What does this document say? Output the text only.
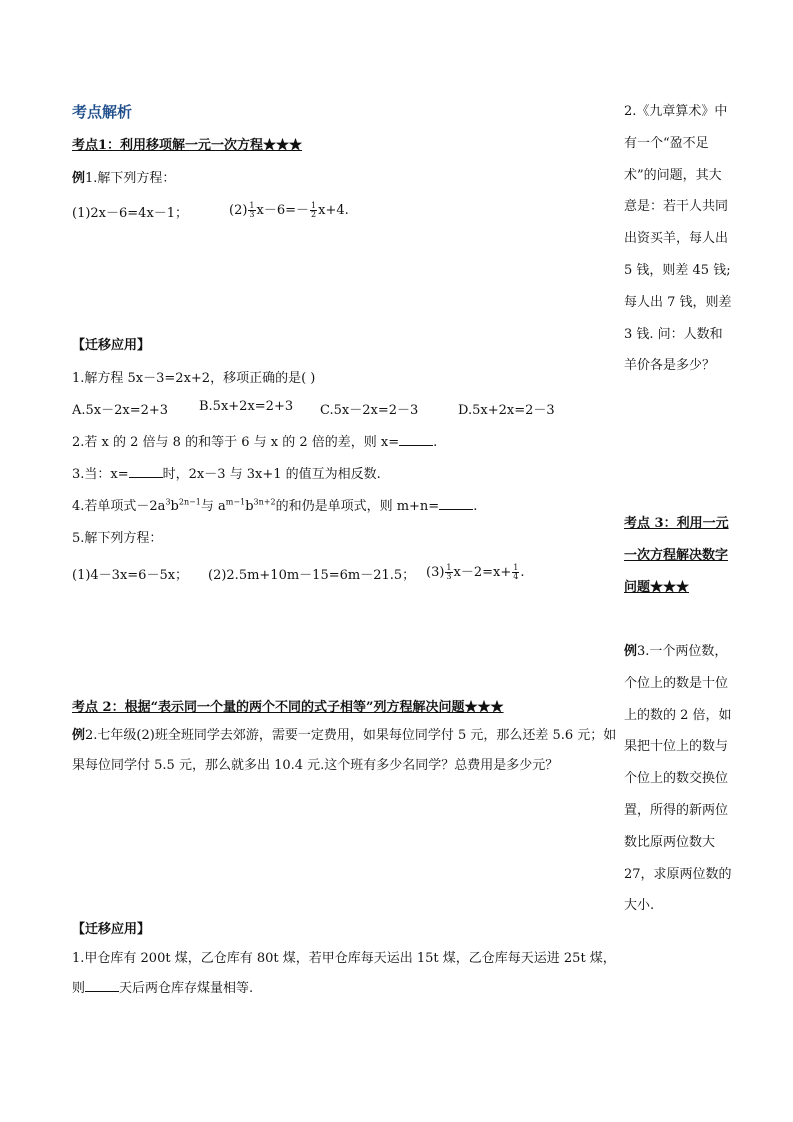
考点解析
考点1：利用移项解一元一次方程★★★
例1.解下列方程：
(1)2x－6=4x－1；	$(2) \frac{1}{3} x-6=- \frac{1}{2} x+4$.
【迁移应用】
1.解方程 5x－3=2x+2，移项正确的是( )
A.5x－2x=2+3 B.5x+2x=2+3 C.5x－2x=2－3	D.5x+2x=2－3
2.若 x 的 2 倍与 8 的和等于 6 与 x 的 2 倍的差，则 x=	.
3.当：x=	时，2x－3 与 3x+1 的值互为相反数.
4.若单项式$-2a^3b^{2n-1}$与 $a^{m-1}b^{3n+2}$的和仍是单项式，则 m+n=	.
5.解下列方程：
(1)4－3x=6－5x； (2)2.5m+10m－15=6m－21.5； $(3) \frac{1}{3} x-2=x+ \frac{1}{4}$ .
考点 2：根据“表示同一个量的两个不同的式子相等”列方程解决问题★★★
例2.七年级(2)班全班同学去郊游，需要一定费用，如果每位同学付 5 元，那么还差 5.6 元；如果每位同学付 5.5 元，那么就多出 10.4 元.这个班有多少名同学？总费用是多少元？
【迁移应用】
1.甲仓库有 200t 煤，乙仓库有 80t 煤，若甲仓库每天运出 15t 煤，乙仓库每天运进 25t 煤，则	天后两仓库存煤量相等.
2.《九章算术》中有一个“盈不足术”的问题，其大意是：若干人共同出资买羊，每人出 5 钱，则差 45 钱;每人出 7 钱，则差 3 钱. 问：人数和羊价各是多少？
考点 3：利用一元一次方程解决数字问题★★★
例3.一个两位数，个位上的数是十位上的数的 2 倍，如果把十位上的数与个位上的数交换位置，所得的新两位数比原两位数大 27，求原两位数的大小.
